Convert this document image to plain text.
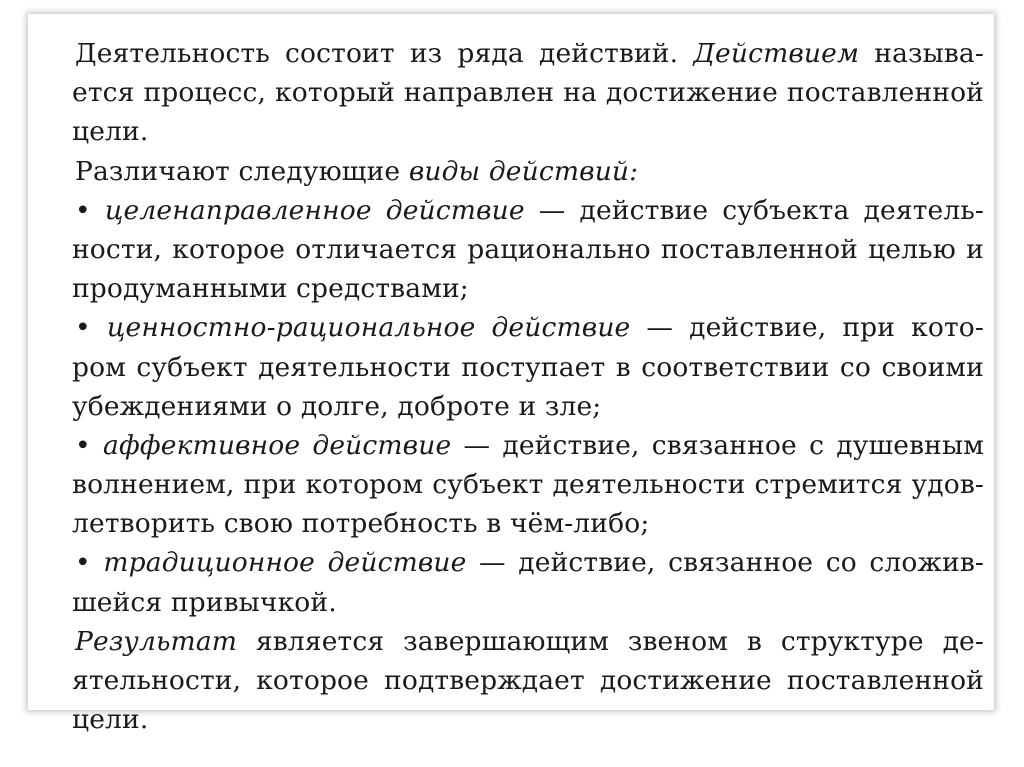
Деятельность состоит из ряда действий. Действием называ-
ется процесс, который направлен на достижение поставленной
цели.
Различают следующие виды действий:
• целенаправленное действие — действие субъекта деятель-
ности, которое отличается рационально поставленной целью и
продуманными средствами;
• ценностно-рациональное действие — действие, при кото-
ром субъект деятельности поступает в соответствии со своими
убеждениями о долге, доброте и зле;
• аффективное действие — действие, связанное с душевным
волнением, при котором субъект деятельности стремится удов-
летворить свою потребность в чём-либо;
• традиционное действие — действие, связанное со сложив-
шейся привычкой.
Результат является завершающим звеном в структуре де-
ятельности, которое подтверждает достижение поставленной
цели.
